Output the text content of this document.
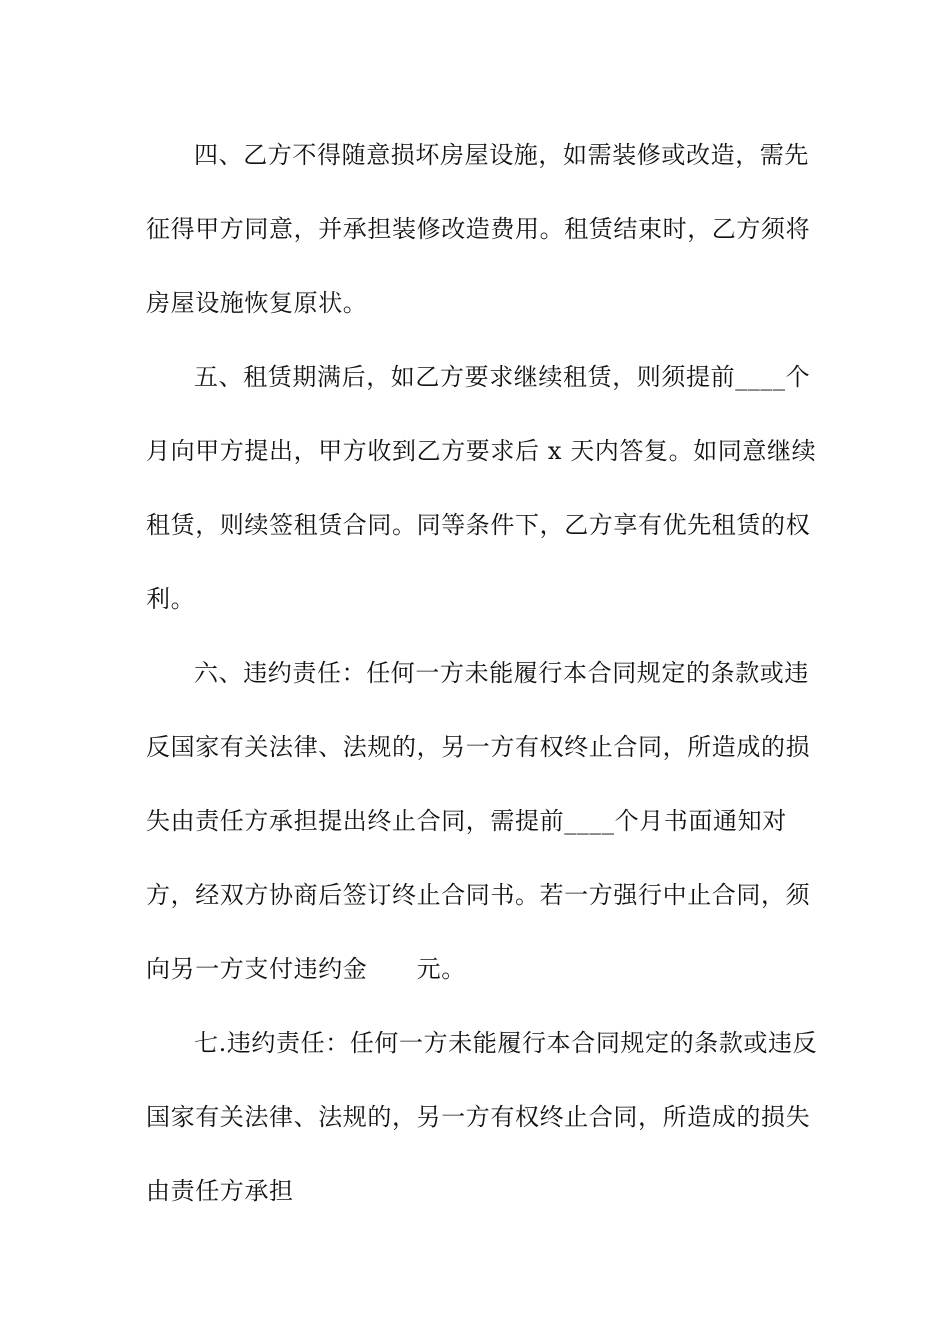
四、乙方不得随意损坏房屋设施，如需装修或改造，需先征得甲方同意，并承担装修改造费用。租赁结束时，乙方须将房屋设施恢复原状。

五、租赁期满后，如乙方要求继续租赁，则须提前____个月向甲方提出，甲方收到乙方要求后 x 天内答复。如同意继续租赁，则续签租赁合同。同等条件下，乙方享有优先租赁的权利。

六、违约责任：任何一方未能履行本合同规定的条款或违反国家有关法律、法规的，另一方有权终止合同，所造成的损失由责任方承担提出终止合同，需提前____个月书面通知对方，经双方协商后签订终止合同书。若一方强行中止合同，须向另一方支付违约金　　元。

七.违约责任：任何一方未能履行本合同规定的条款或违反国家有关法律、法规的，另一方有权终止合同，所造成的损失由责任方承担
